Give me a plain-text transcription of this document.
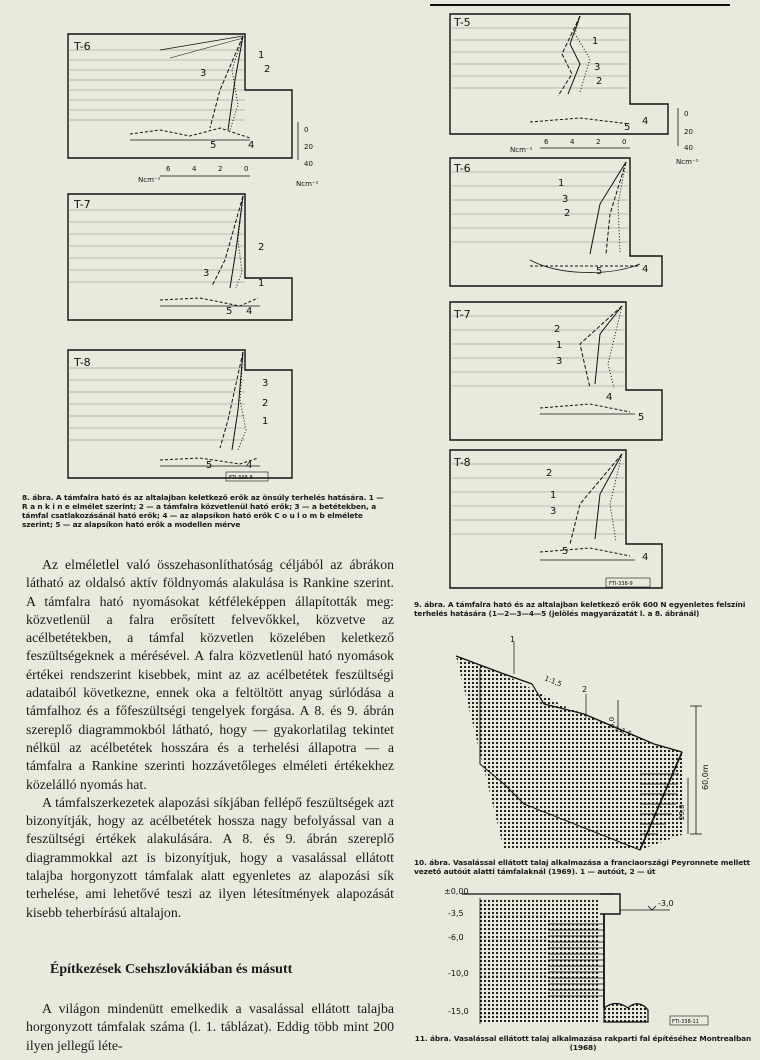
T-6
1
2
3
4
5
0
20
40
Ncm⁻¹
6	4	2	0
Ncm⁻¹
T-7
2
3
1
5 4
T-8
3
2
1
5	4
FTI-338-8
8. ábra. A támfalra ható és az altalajban keletkező erők az önsúly terhelés hatására. 1 — R a n k i n e elmélet szerint; 2 — a támfalra közvetlenül ható erők; 3 — a betétekben, a támfal csatlakozásánál ható erők; 4 — az alapsíkon ható erők C o u l o m b elmélete szerint; 5 — az alapsíkon ható erők a modellen mérve

Az elméletlel való összehasonlíthatóság céljából az ábrákon látható az oldalsó aktív földnyomás alakulása is Rankine szerint. A támfalra ható nyomásokat kétféleképpen állapították meg: közvetlenül a falra erősített felvevőkkel, közvetve az acélbetétekben, a támfal közvetlen közelében keletkező feszültségeknek a mérésével. A falra közvetlenül ható nyomások értékei rendszerint kisebbek, mint az az acélbetétek feszültségi adataiból következne, ennek oka a feltöltött anyag súrlódása a támfalhoz és a főfeszültségi tengelyek forgása. A 8. és 9. ábrán szereplő diagrammokból látható, hogy — gyakorlatilag tekintet nélkül az acélbetétek hosszára és a terhelési állapotra — a támfalra a Rankine szerinti hozzávetőleges elméleti értékekhez közelálló nyomás hat.

A támfalszerkezetek alapozási síkjában fellépő feszültségek azt bizonyítják, hogy az acélbetétek hossza nagy befolyással van a feszültségi értékek alakulására. A 8. és 9. ábrán szereplő diagrammokkal azt is bizonyítjuk, hogy a vasalással ellátott talajba horgonyzott támfalak alatt egyenletes az alapozási sík terhelése, ami lehetővé teszi az ilyen létesítmények alapozását kisebb teherbírású altalajon.

Építkezések Csehszlovákiában és másutt

A világon mindenütt emelkedik a vasalással ellátott talajba horgonyzott támfalak száma (l. 1. táblázat). Eddig több mint 200 ilyen jellegű léte-

T-5
1
3
2
4
5
0
20
40
Ncm⁻¹
6	4	2	0
Ncm⁻¹
T-6
1
3
2
5	4
T-7
2
1
3
4
5
T-8
2
1
3
5
4
FTI-338-9
9. ábra. A támfalra ható és az altalajban keletkező erők 600 N egyenletes felszíni terhelés hatására (1—2—3—4—5 (jelölés magyarázatát l. a 8. ábránál)
1
2
1:1,5
1:1,5
8,0
60,0m
23,0
10. ábra. Vasalással ellátott talaj alkalmazása a franciaországi Peyronnete mellett vezető autóút alatti támfalaknál (1969). 1 — autóút, 2 — út
±0,00
-3,5
-6,0
-10,0
-15,0
-3,0
FTI-338-11
11. ábra. Vasalással ellátott talaj alkalmazása rakparti fal építéséhez Montrealban (1968)
